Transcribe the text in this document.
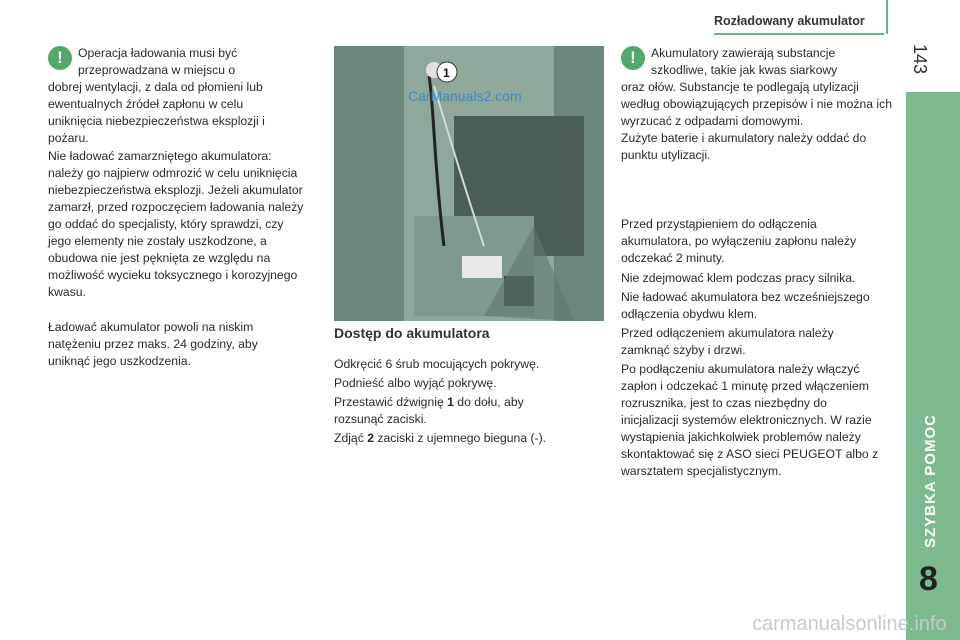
Rozładowany akumulator
143
SZYBKA POMOC
8
!	Operacja ładowania musi być

przeprowadzana w miejscu o

dobrej wentylacji, z dala od płomieni lub ewentualnych źródeł zapłonu w celu uniknięcia niebezpieczeństwa eksplozji i pożaru.

Nie ładować zamarzniętego akumulatora: należy go najpierw odmrozić w celu uniknięcia niebezpieczeństwa eksplozji. Jeżeli akumulator zamarzł, przed rozpoczęciem ładowania należy go oddać do specjalisty, który sprawdzi, czy jego elementy nie zostały uszkodzone, a obudowa nie jest pęknięta ze względu na możliwość wycieku toksycznego i korozyjnego kwasu.

Ładować akumulator powoli na niskim natężeniu przez maks. 24 godziny, aby uniknąć jego uszkodzenia.

1
CarManuals2.com
Dostęp do akumulatora

Odkręcić 6 śrub mocujących pokrywę.

Podnieść albo wyjąć pokrywę.

Przestawić dźwignię 1 do dołu, aby rozsunąć zaciski.

Zdjąć 2 zaciski z ujemnego bieguna (-).

!	Akumulatory zawierają substancje

szkodliwe, takie jak kwas siarkowy

oraz ołów. Substancje te podlegają utylizacji według obowiązujących przepisów i nie można ich wyrzucać z odpadami domowymi.

Zużyte baterie i akumulatory należy oddać do punktu utylizacji.

Przed przystąpieniem do odłączenia akumulatora, po wyłączeniu zapłonu należy odczekać 2 minuty.

Nie zdejmować klem podczas pracy silnika.

Nie ładować akumulatora bez wcześniejszego odłączenia obydwu klem.

Przed odłączeniem akumulatora należy zamknąć szyby i drzwi.

Po podłączeniu akumulatora należy włączyć zapłon i odczekać 1 minutę przed włączeniem rozrusznika, jest to czas niezbędny do inicjalizacji systemów elektronicznych. W razie wystąpienia jakichkolwiek problemów należy skontaktować się z ASO sieci PEUGEOT albo z warsztatem specjalistycznym.

carmanualsonline.info
